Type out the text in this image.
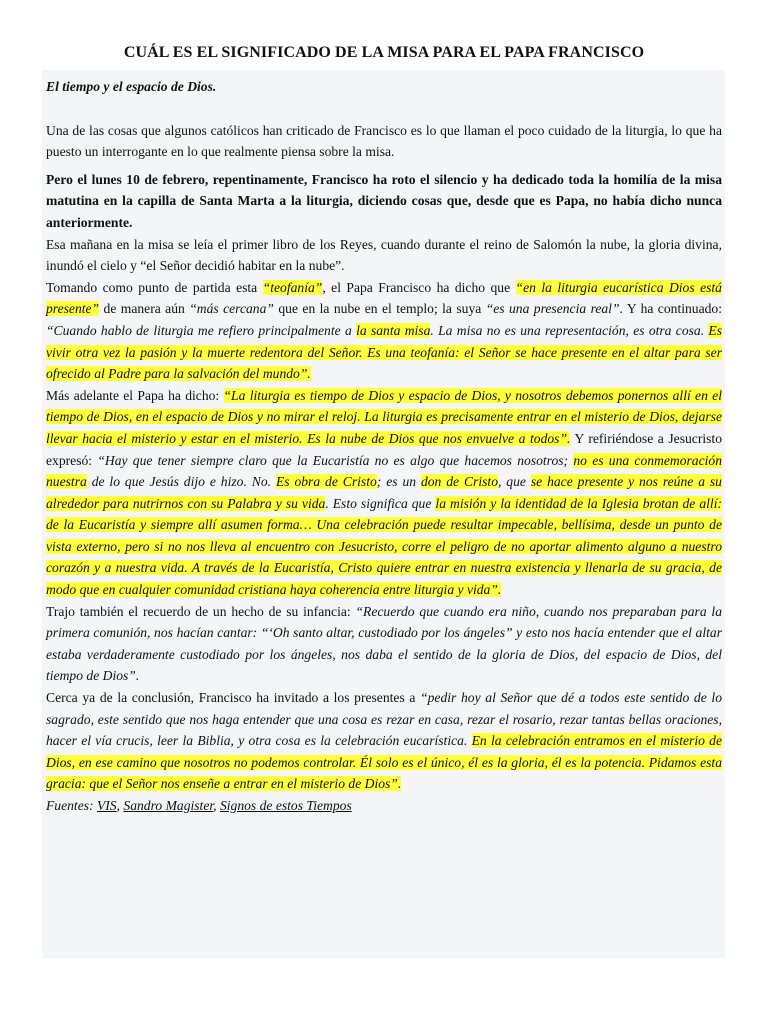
CUÁL ES EL SIGNIFICADO DE LA MISA PARA EL PAPA FRANCISCO

El tiempo y el espacio de Dios.

Una de las cosas que algunos católicos han criticado de Francisco es lo que llaman el poco cuidado de la liturgia, lo que ha puesto un interrogante en lo que realmente piensa sobre la misa.

Pero el lunes 10 de febrero, repentinamente, Francisco ha roto el silencio y ha dedicado toda la homilía de la misa matutina en la capilla de Santa Marta a la liturgia, diciendo cosas que, desde que es Papa, no había dicho nunca anteriormente.

Esa mañana en la misa se leía el primer libro de los Reyes, cuando durante el reino de Salomón la nube, la gloria divina, inundó el cielo y “el Señor decidió habitar en la nube”.

Tomando como punto de partida esta “teofanía”, el Papa Francisco ha dicho que “en la liturgia eucarística Dios está presente” de manera aún “más cercana” que en la nube en el templo; la suya “es una presencia real”. Y ha continuado: “Cuando hablo de liturgia me refiero principalmente a la santa misa. La misa no es una representación, es otra cosa. Es vivir otra vez la pasión y la muerte redentora del Señor. Es una teofanía: el Señor se hace presente en el altar para ser ofrecido al Padre para la salvación del mundo”.

Más adelante el Papa ha dicho: “La liturgia es tiempo de Dios y espacio de Dios, y nosotros debemos ponernos allí en el tiempo de Dios, en el espacio de Dios y no mirar el reloj. La liturgia es precisamente entrar en el misterio de Dios, dejarse llevar hacia el misterio y estar en el misterio. Es la nube de Dios que nos envuelve a todos”. Y refiriéndose a Jesucristo expresó: “Hay que tener siempre claro que la Eucaristía no es algo que hacemos nosotros; no es una conmemoración nuestra de lo que Jesús dijo e hizo. No. Es obra de Cristo; es un don de Cristo, que se hace presente y nos reúne a su alrededor para nutrirnos con su Palabra y su vida. Esto significa que la misión y la identidad de la Iglesia brotan de allí: de la Eucaristía y siempre allí asumen forma… Una celebración puede resultar impecable, bellísima, desde un punto de vista externo, pero si no nos lleva al encuentro con Jesucristo, corre el peligro de no aportar alimento alguno a nuestro corazón y a nuestra vida. A través de la Eucaristía, Cristo quiere entrar en nuestra existencia y llenarla de su gracia, de modo que en cualquier comunidad cristiana haya coherencia entre liturgia y vida”.

Trajo también el recuerdo de un hecho de su infancia: “Recuerdo que cuando era niño, cuando nos preparaban para la primera comunión, nos hacían cantar: “‘Oh santo altar, custodiado por los ángeles” y esto nos hacía entender que el altar estaba verdaderamente custodiado por los ángeles, nos daba el sentido de la gloria de Dios, del espacio de Dios, del tiempo de Dios”.

Cerca ya de la conclusión, Francisco ha invitado a los presentes a “pedir hoy al Señor que dé a todos este sentido de lo sagrado, este sentido que nos haga entender que una cosa es rezar en casa, rezar el rosario, rezar tantas bellas oraciones, hacer el vía crucis, leer la Biblia, y otra cosa es la celebración eucarística. En la celebración entramos en el misterio de Dios, en ese camino que nosotros no podemos controlar. Él solo es el único, él es la gloria, él es la potencia. Pidamos esta gracia: que el Señor nos enseñe a entrar en el misterio de Dios”.

Fuentes: VIS, Sandro Magister, Signos de estos Tiempos
